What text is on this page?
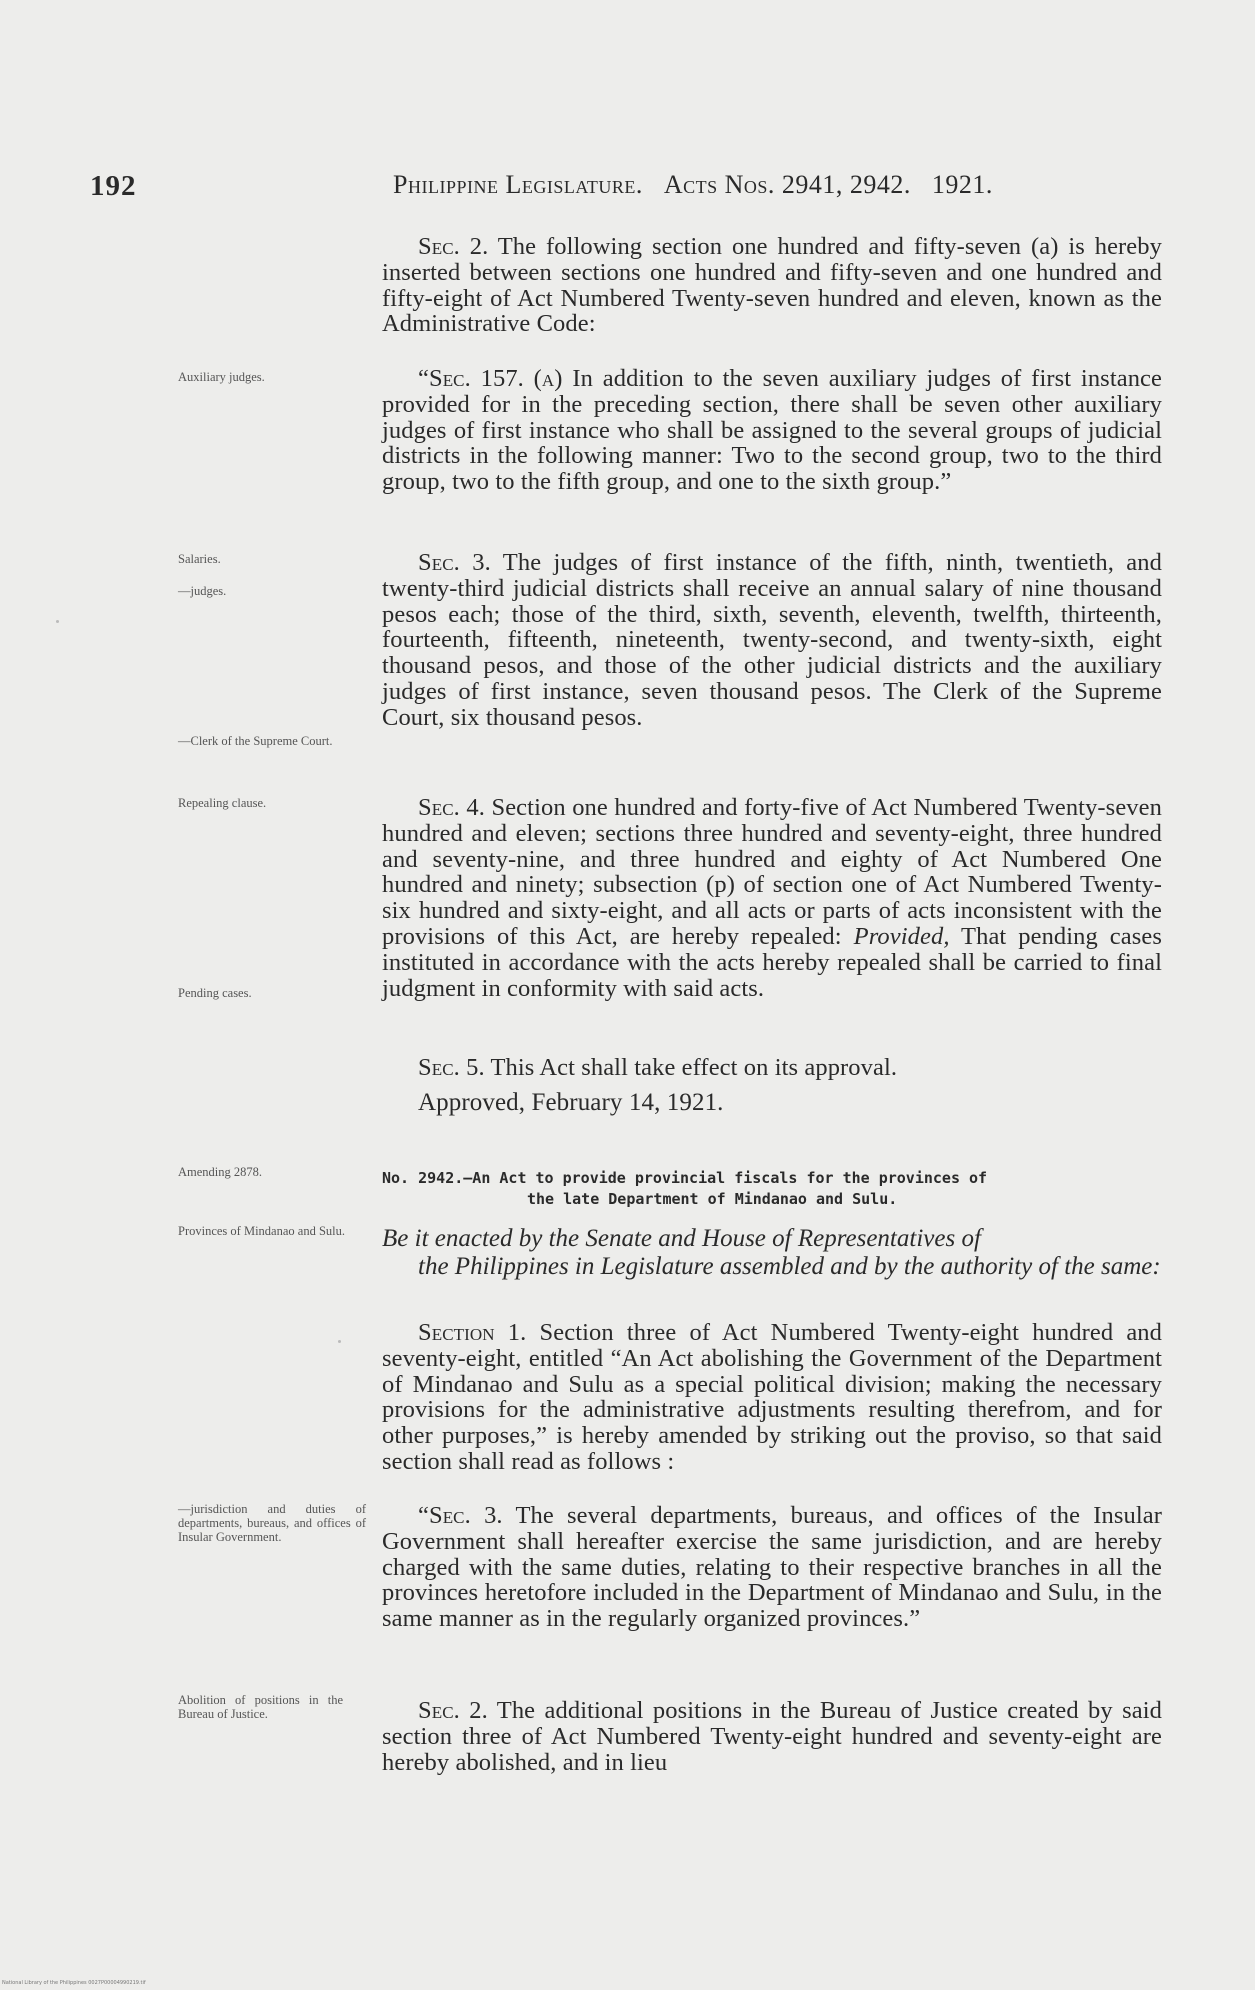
192	Philippine Legislature. Acts Nos. 2941, 2942. 1921.
Auxiliary judges.
Salaries.
—judges.
—Clerk of the Supreme Court.
Repealing clause.
Pending cases.
Amending 2878.
Provinces of Mindanao and Sulu.
—jurisdiction and duties of departments, bureaus, and offices of Insular Government.
Abolition of positions in the Bureau of Justice.
Sec. 2. The following section one hundred and fifty-seven (a) is hereby inserted between sections one hundred and fifty-seven and one hundred and fifty-eight of Act Numbered Twenty-seven hundred and eleven, known as the Administrative Code:
“Sec. 157. (a) In addition to the seven auxiliary judges of first instance provided for in the preceding section, there shall be seven other auxiliary judges of first instance who shall be assigned to the several groups of judicial districts in the following manner: Two to the second group, two to the third group, two to the fifth group, and one to the sixth group.”
Sec. 3. The judges of first instance of the fifth, ninth, twentieth, and twenty-third judicial districts shall receive an annual salary of nine thousand pesos each; those of the third, sixth, seventh, eleventh, twelfth, thirteenth, fourteenth, fifteenth, nineteenth, twenty-second, and twenty-sixth, eight thousand pesos, and those of the other judicial districts and the auxiliary judges of first instance, seven thousand pesos. The Clerk of the Supreme Court, six thousand pesos.
Sec. 4. Section one hundred and forty-five of Act Numbered Twenty-seven hundred and eleven; sections three hundred and seventy-eight, three hundred and seventy-nine, and three hundred and eighty of Act Numbered One hundred and ninety; subsection (p) of section one of Act Numbered Twenty-six hundred and sixty-eight, and all acts or parts of acts inconsistent with the provisions of this Act, are hereby repealed: Provided, That pending cases instituted in accordance with the acts hereby repealed shall be carried to final judgment in conformity with said acts.
Sec. 5. This Act shall take effect on its approval.
Approved, February 14, 1921.
No. 2942.—An Act to provide provincial fiscals for the provinces of
the late Department of Mindanao and Sulu.
Be it enacted by the Senate and House of Representatives of
the Philippines in Legislature assembled and by the authority of the same:
Section 1. Section three of Act Numbered Twenty-eight hundred and seventy-eight, entitled “An Act abolishing the Government of the Department of Mindanao and Sulu as a special political division; making the necessary provisions for the administrative adjustments resulting therefrom, and for other purposes,” is hereby amended by striking out the proviso, so that said section shall read as follows :
“Sec. 3. The several departments, bureaus, and offices of the Insular Government shall hereafter exercise the same jurisdiction, and are hereby charged with the same duties, relating to their respective branches in all the provinces heretofore included in the Department of Mindanao and Sulu, in the same manner as in the regularly organized provinces.”
Sec. 2. The additional positions in the Bureau of Justice created by said section three of Act Numbered Twenty-eight hundred and seventy-eight are hereby abolished, and in lieu
National Library of the Philippines 0027P00004990219.tif
